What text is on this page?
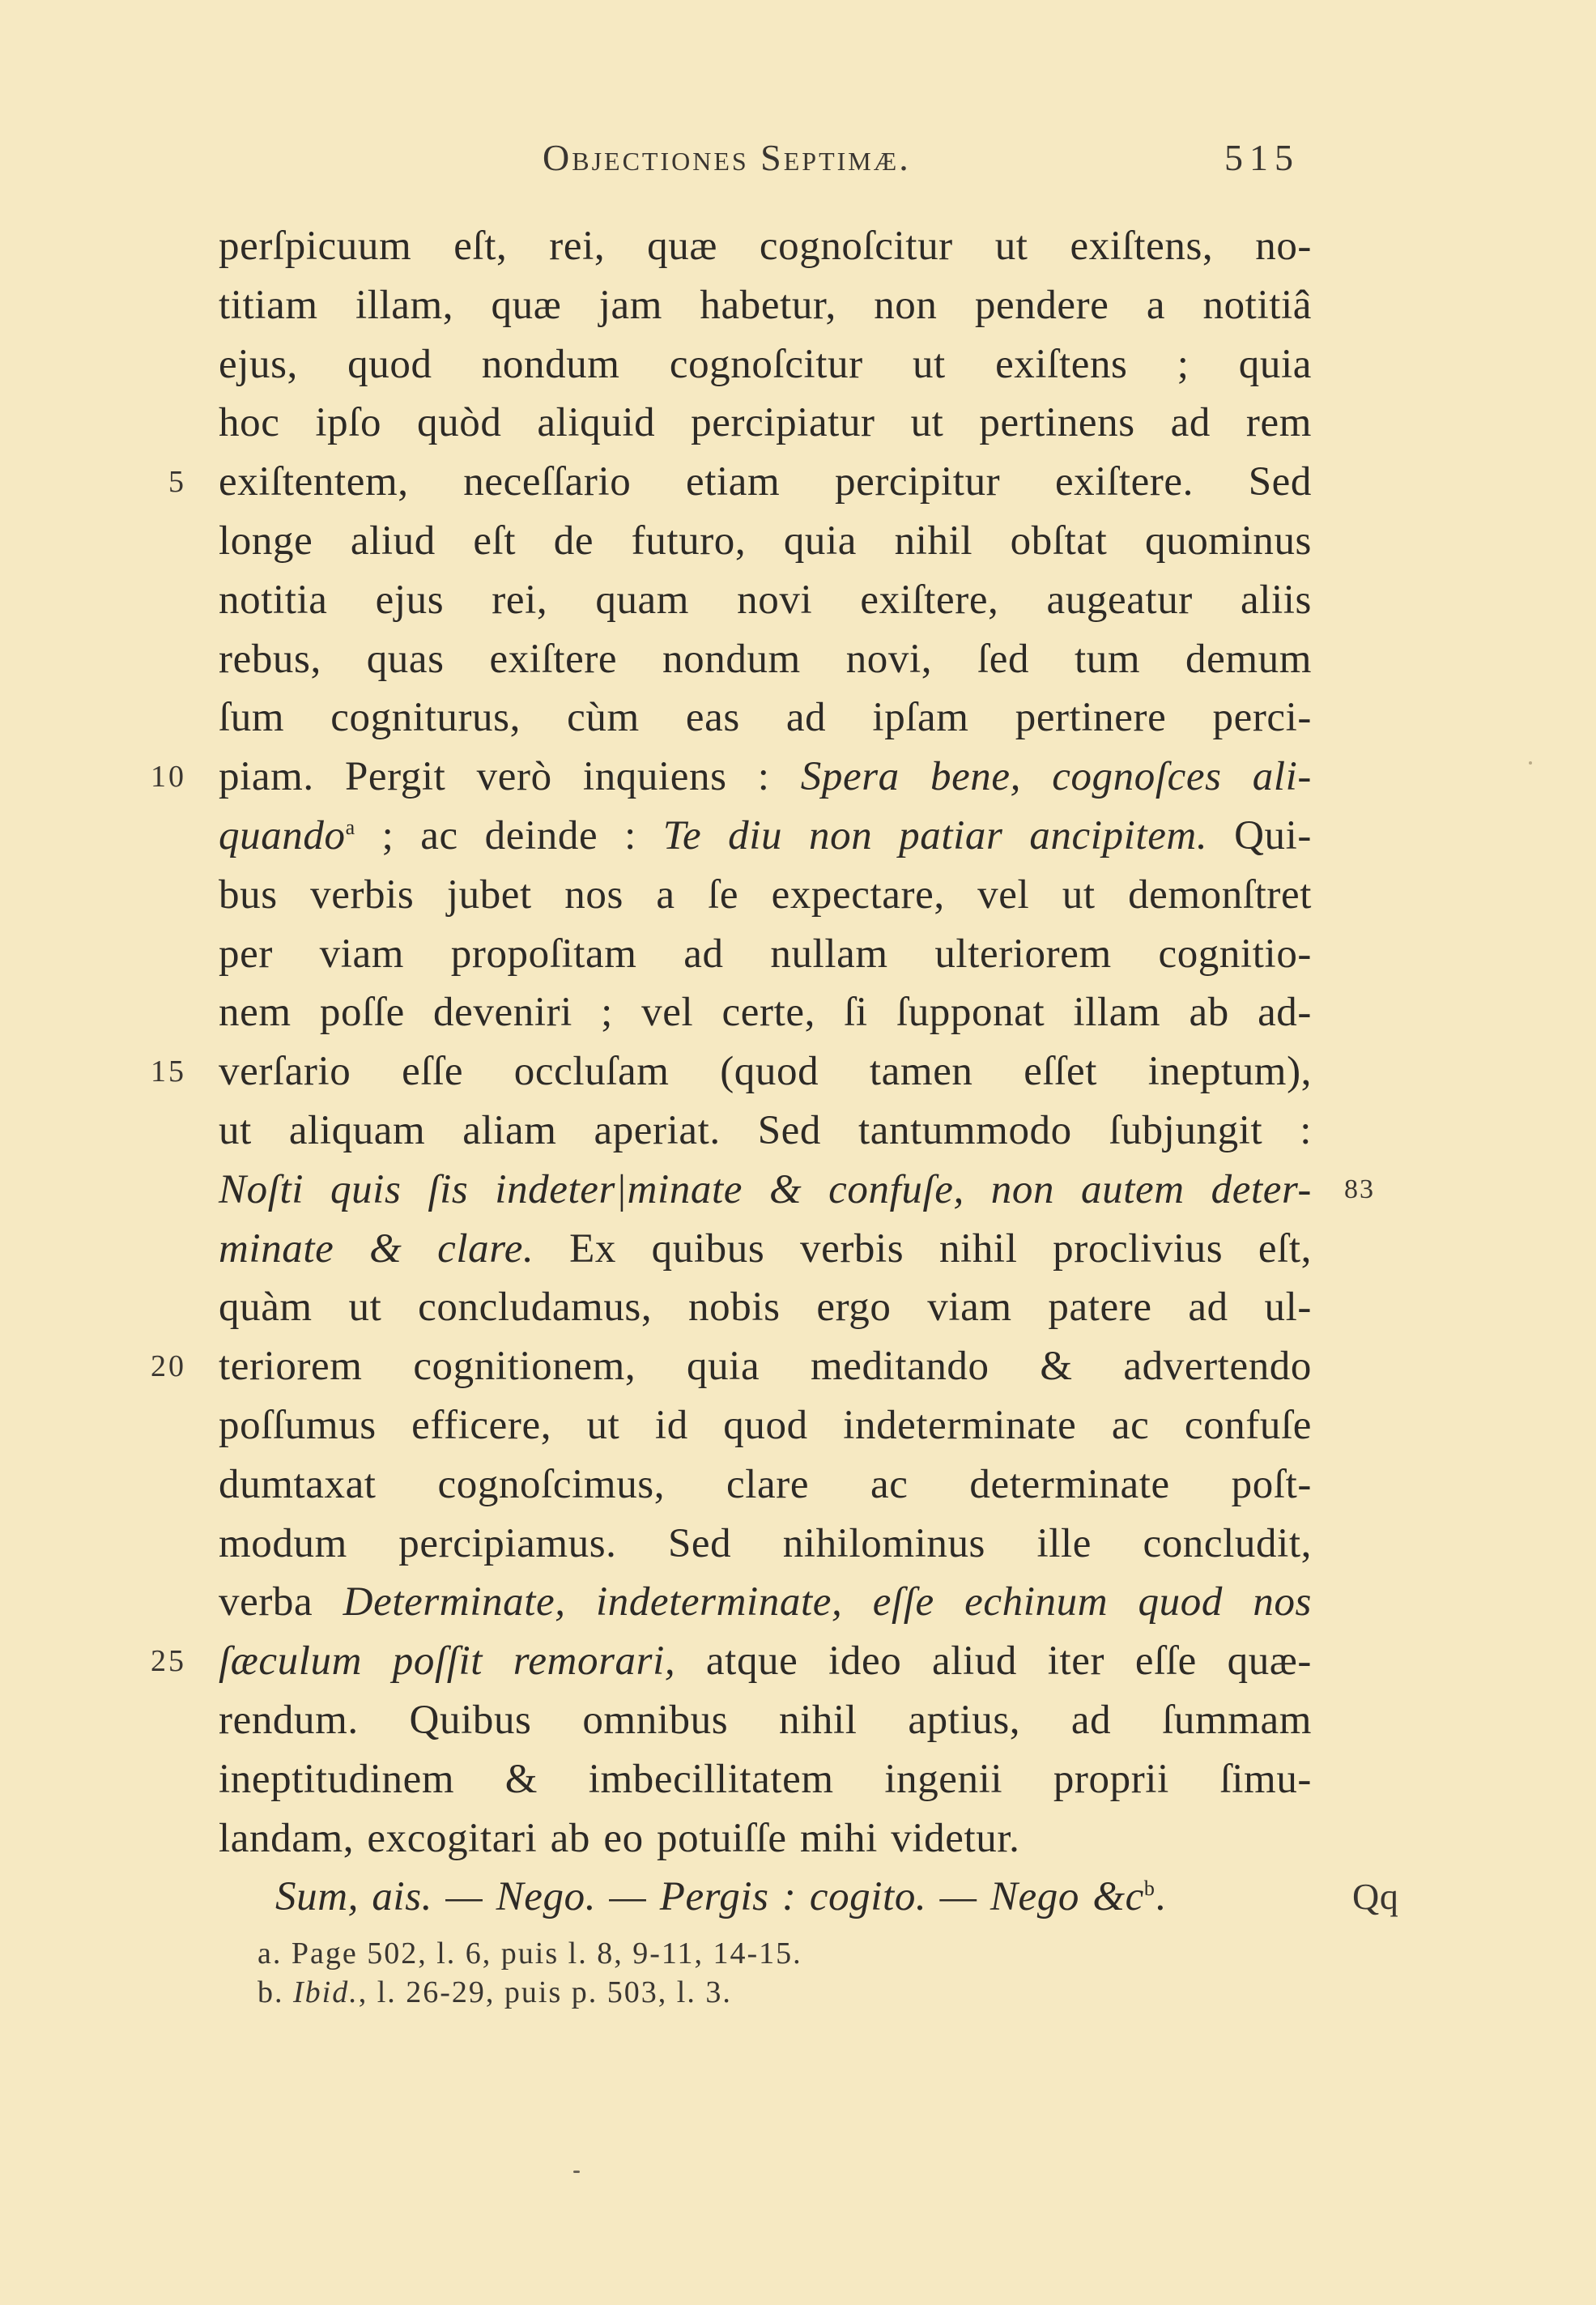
Objectiones Septimæ.	515
perſpicuum eſt, rei, quæ cognoſcitur ut exiſtens, no-
titiam illam, quæ jam habetur, non pendere a notitiâ
ejus, quod nondum cognoſcitur ut exiſtens ; quia
hoc ipſo quòd aliquid percipiatur ut pertinens ad rem
exiſtentem, neceſſario etiam percipitur exiſtere. Sed
5
longe aliud eſt de futuro, quia nihil obſtat quominus
notitia ejus rei, quam novi exiſtere, augeatur aliis
rebus, quas exiſtere nondum novi, ſed tum demum
ſum cogniturus, cùm eas ad ipſam pertinere perci-
piam. Pergit verò inquiens : Spera bene, cognoſces ali-
10
quando$^a$ ; ac deinde : Te diu non patiar ancipitem. Qui-
bus verbis jubet nos a ſe expectare, vel ut demonſtret
per viam propoſitam ad nullam ulteriorem cognitio-
nem poſſe deveniri ; vel certe, ſi ſupponat illam ab ad-
verſario eſſe occluſam (quod tamen eſſet ineptum),
15
ut aliquam aliam aperiat. Sed tantummodo ſubjungit :
Noſti quis ſis indeter|minate & confuſe, non autem deter- 83
minate & clare. Ex quibus verbis nihil proclivius eſt,
quàm ut concludamus, nobis ergo viam patere ad ul-
teriorem cognitionem, quia meditando & advertendo
20
poſſumus efficere, ut id quod indeterminate ac confuſe
dumtaxat cognoſcimus, clare ac determinate poſt-
modum percipiamus. Sed nihilominus ille concludit,
verba Determinate, indeterminate, eſſe echinum quod nos
ſæculum poſſit remorari, atque ideo aliud iter eſſe quæ-
25
rendum. Quibus omnibus nihil aptius, ad ſummam
ineptitudinem & imbecillitatem ingenii proprii ſimu-
landam, excogitari ab eo potuiſſe mihi videtur.
Sum, ais. — Nego. — Pergis : cogito. — Nego $\&c^b$.	Qq
a. Page 502, l. 6, puis l. 8, 9-11, 14-15.
b. Ibid., l. 26-29, puis p. 503, l. 3.
